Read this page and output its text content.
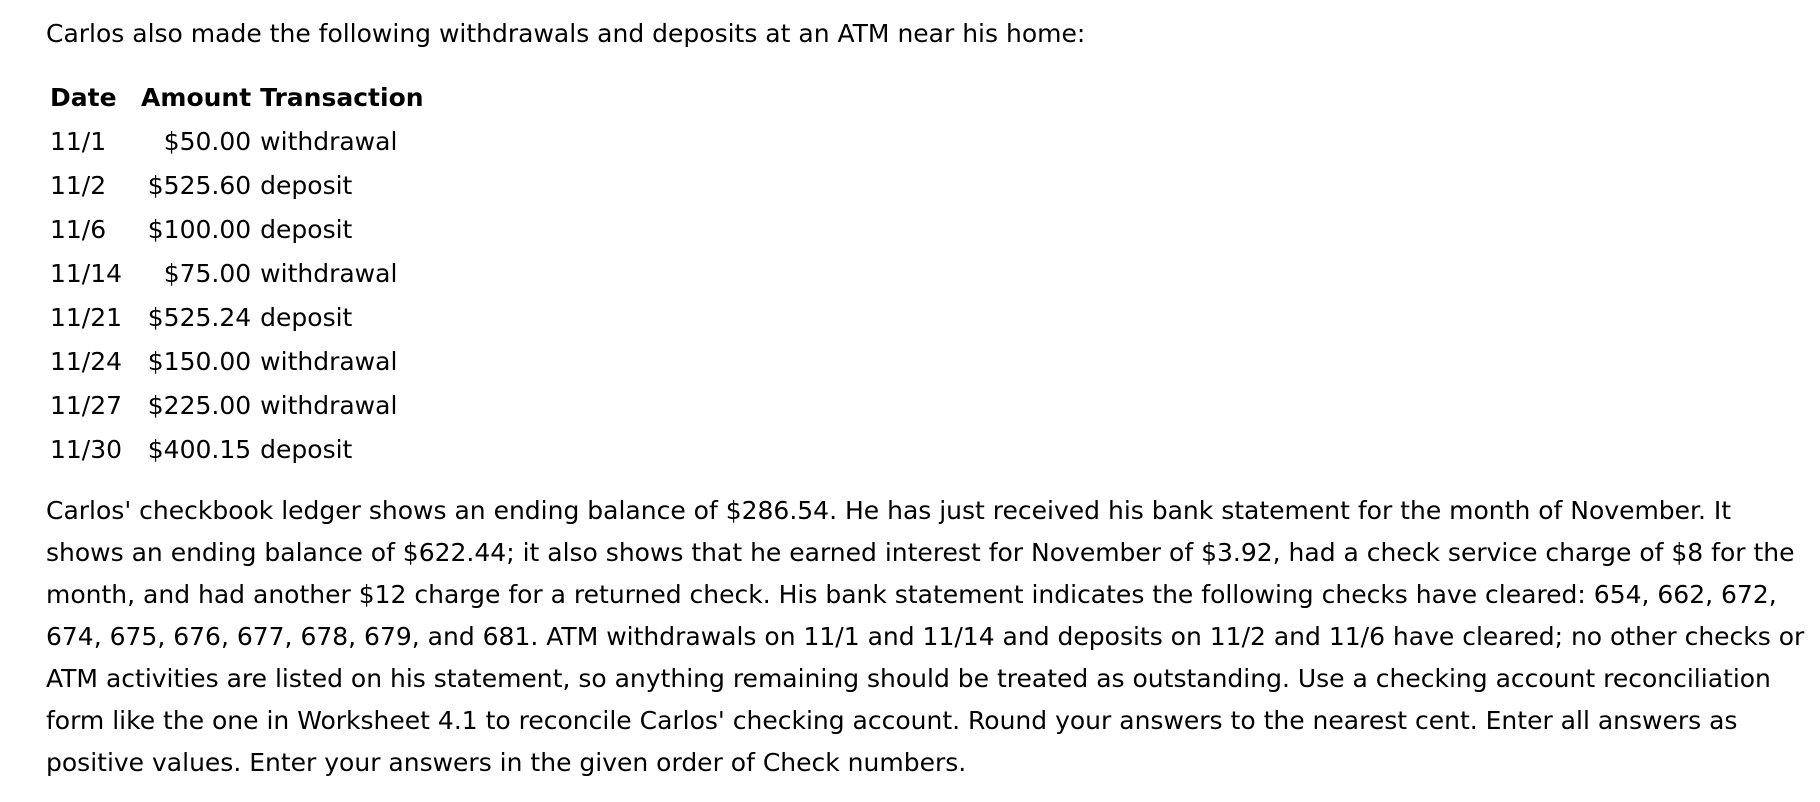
Carlos also made the following withdrawals and deposits at an ATM near his home:

Date	Amount	Transaction
11/1	$50.00	withdrawal
11/2	$525.60	deposit
11/6	$100.00	deposit
11/14	$75.00	withdrawal
11/21	$525.24	deposit
11/24	$150.00	withdrawal
11/27	$225.00	withdrawal
11/30	$400.15	deposit

Carlos' checkbook ledger shows an ending balance of $286.54. He has just received his bank statement for the month of November. It shows an ending balance of $622.44; it also shows that he earned interest for November of $3.92, had a check service charge of $8 for the month, and had another $12 charge for a returned check. His bank statement indicates the following checks have cleared: 654, 662, 672, 674, 675, 676, 677, 678, 679, and 681. ATM withdrawals on 11/1 and 11/14 and deposits on 11/2 and 11/6 have cleared; no other checks or ATM activities are listed on his statement, so anything remaining should be treated as outstanding. Use a checking account reconciliation form like the one in Worksheet 4.1 to reconcile Carlos' checking account. Round your answers to the nearest cent. Enter all answers as positive values. Enter your answers in the given order of Check numbers.
